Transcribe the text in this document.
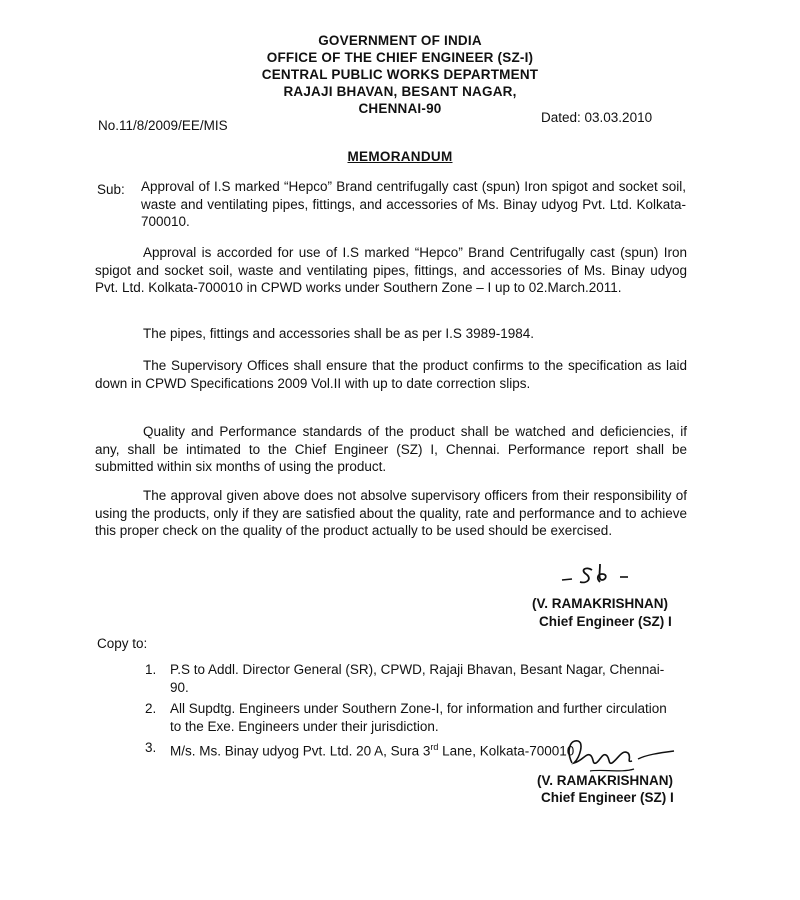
GOVERNMENT OF INDIA
OFFICE OF THE CHIEF ENGINEER (SZ-I)
CENTRAL PUBLIC WORKS DEPARTMENT
RAJAJI BHAVAN, BESANT NAGAR,
CHENNAI-90
No.11/8/2009/EE/MIS
Dated: 03.03.2010
MEMORANDUM
Sub: Approval of I.S marked “Hepco” Brand centrifugally cast (spun) Iron spigot and socket soil, waste and ventilating pipes, fittings, and accessories of Ms. Binay udyog Pvt. Ltd. Kolkata-700010.
Approval is accorded for use of I.S marked “Hepco” Brand Centrifugally cast (spun) Iron spigot and socket soil, waste and ventilating pipes, fittings, and accessories of Ms. Binay udyog Pvt. Ltd. Kolkata-700010 in CPWD works under Southern Zone – I up to 02.March.2011.
The pipes, fittings and accessories shall be as per I.S 3989-1984.
The Supervisory Offices shall ensure that the product confirms to the specification as laid down in CPWD Specifications 2009 Vol.II with up to date correction slips.
Quality and Performance standards of the product shall be watched and deficiencies, if any, shall be intimated to the Chief Engineer (SZ) I, Chennai. Performance report shall be submitted within six months of using the product.
The approval given above does not absolve supervisory officers from their responsibility of using the products, only if they are satisfied about the quality, rate and performance and to achieve this proper check on the quality of the product actually to be used should be exercised.
(V. RAMAKRISHNAN)
Chief Engineer (SZ) I
Copy to:
1.	P.S to Addl. Director General (SR), CPWD, Rajaji Bhavan, Besant Nagar, Chennai-90.
2.	All Supdtg. Engineers under Southern Zone-I, for information and further circulation to the Exe. Engineers under their jurisdiction.
3.	M/s. Ms. Binay udyog Pvt. Ltd. 20 A, Sura 3rd Lane, Kolkata-700010
(V. RAMAKRISHNAN)
Chief Engineer (SZ) I
